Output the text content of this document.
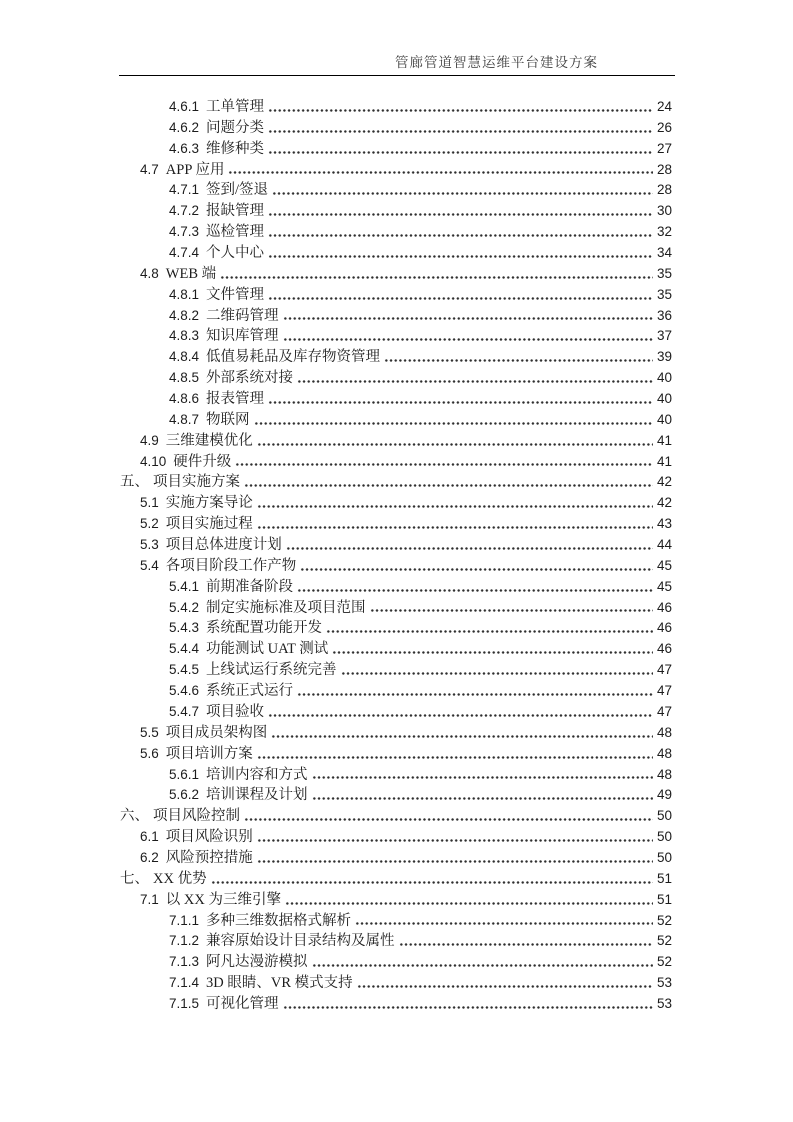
管廊管道智慧运维平台建设方案
4.6.1 工单管理	24
4.6.2 问题分类	26
4.6.3 维修种类	27
4.7 APP 应用	28
4.7.1 签到/签退	28
4.7.2 报缺管理	30
4.7.3 巡检管理	32
4.7.4 个人中心	34
4.8 WEB 端	35
4.8.1 文件管理	35
4.8.2 二维码管理	36
4.8.3 知识库管理	37
4.8.4 低值易耗品及库存物资管理	39
4.8.5 外部系统对接	40
4.8.6 报表管理	40
4.8.7 物联网	40
4.9 三维建模优化	41
4.10 硬件升级	41
五、 项目实施方案	42
5.1 实施方案导论	42
5.2 项目实施过程	43
5.3 项目总体进度计划	44
5.4 各项目阶段工作产物	45
5.4.1 前期准备阶段	45
5.4.2 制定实施标准及项目范围	46
5.4.3 系统配置功能开发	46
5.4.4 功能测试 UAT 测试	46
5.4.5 上线试运行系统完善	47
5.4.6 系统正式运行	47
5.4.7 项目验收	47
5.5 项目成员架构图	48
5.6 项目培训方案	48
5.6.1 培训内容和方式	48
5.6.2 培训课程及计划	49
六、 项目风险控制	50
6.1 项目风险识别	50
6.2 风险预控措施	50
七、 XX 优势	51
7.1 以 XX 为三维引擎	51
7.1.1 多种三维数据格式解析	52
7.1.2 兼容原始设计目录结构及属性	52
7.1.3 阿凡达漫游模拟	52
7.1.4 3D 眼睛、VR 模式支持	53
7.1.5 可视化管理	53
